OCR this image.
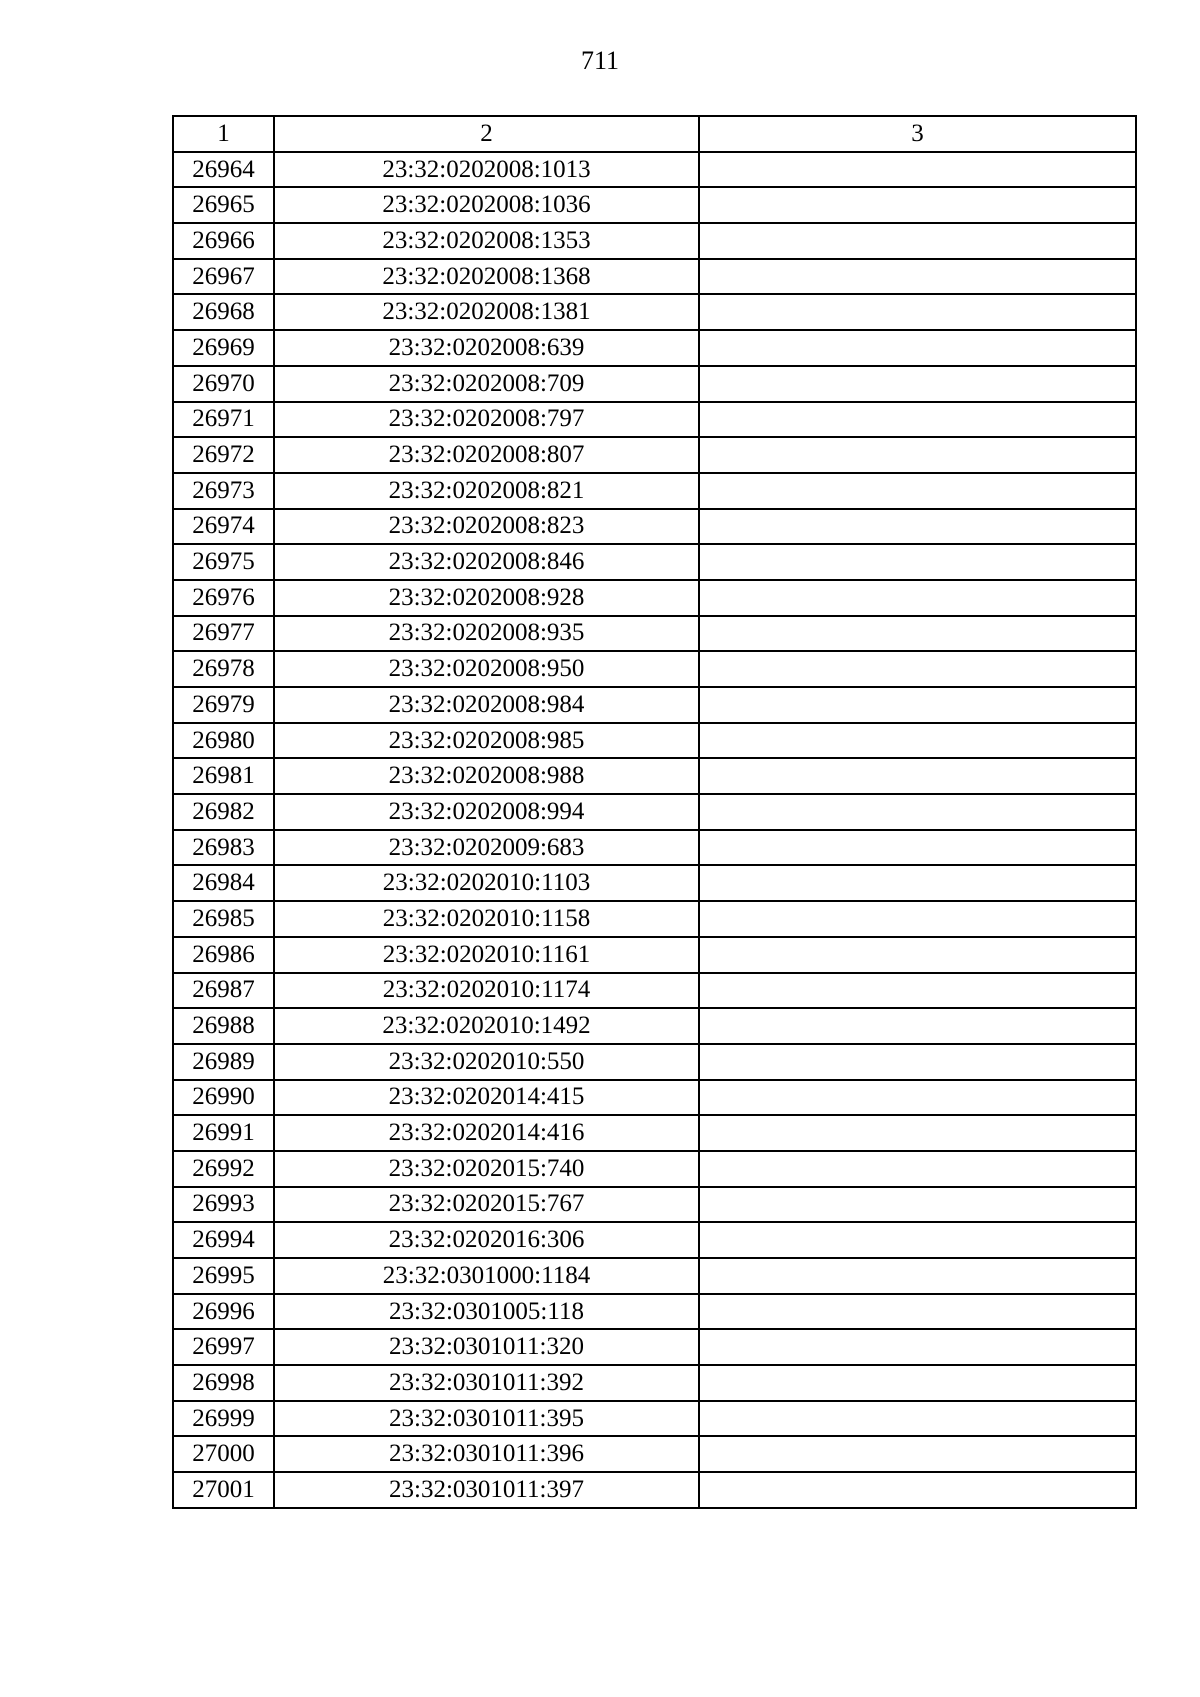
711
1	2	3
26964	23:32:0202008:1013	
26965	23:32:0202008:1036	
26966	23:32:0202008:1353	
26967	23:32:0202008:1368	
26968	23:32:0202008:1381	
26969	23:32:0202008:639	
26970	23:32:0202008:709	
26971	23:32:0202008:797	
26972	23:32:0202008:807	
26973	23:32:0202008:821	
26974	23:32:0202008:823	
26975	23:32:0202008:846	
26976	23:32:0202008:928	
26977	23:32:0202008:935	
26978	23:32:0202008:950	
26979	23:32:0202008:984	
26980	23:32:0202008:985	
26981	23:32:0202008:988	
26982	23:32:0202008:994	
26983	23:32:0202009:683	
26984	23:32:0202010:1103	
26985	23:32:0202010:1158	
26986	23:32:0202010:1161	
26987	23:32:0202010:1174	
26988	23:32:0202010:1492	
26989	23:32:0202010:550	
26990	23:32:0202014:415	
26991	23:32:0202014:416	
26992	23:32:0202015:740	
26993	23:32:0202015:767	
26994	23:32:0202016:306	
26995	23:32:0301000:1184	
26996	23:32:0301005:118	
26997	23:32:0301011:320	
26998	23:32:0301011:392	
26999	23:32:0301011:395	
27000	23:32:0301011:396	
27001	23:32:0301011:397	
